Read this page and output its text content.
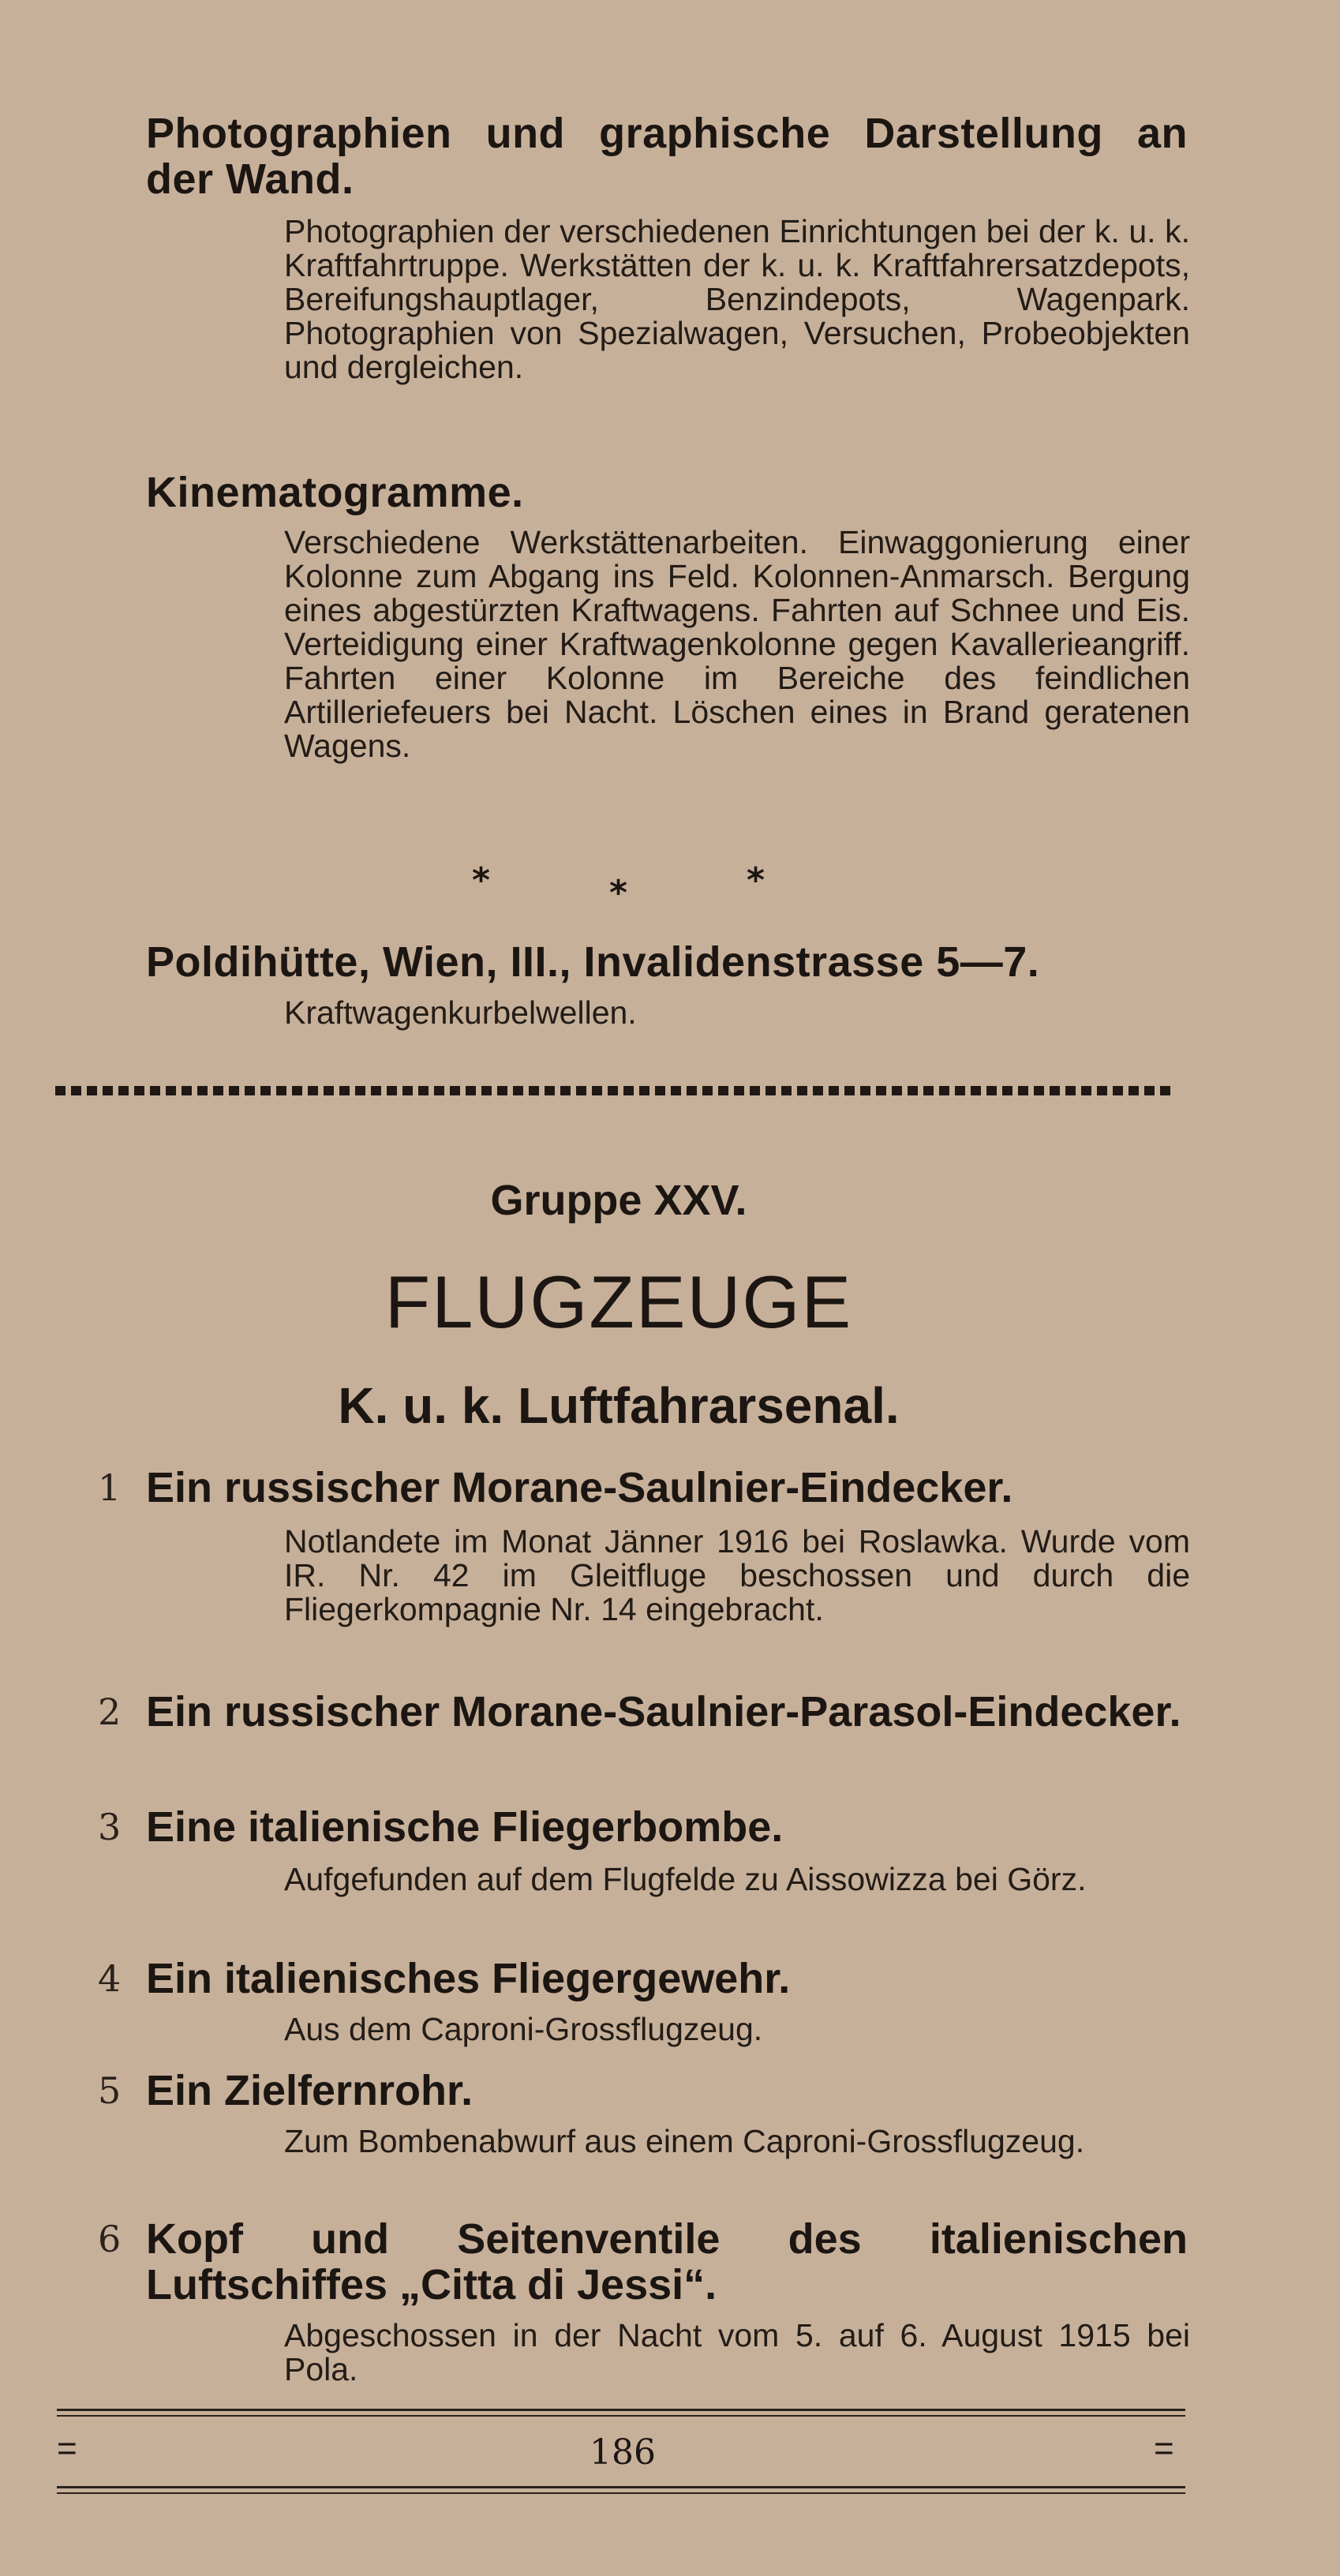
Photographien und graphische Darstellung an
der Wand.
Photographien der verschiedenen Einrichtungen bei der k. u. k. Kraftfahrtruppe. Werkstätten der k. u. k. Kraftfahrersatzdepots, Bereifungshauptlager, Benzindepots, Wagenpark. Photographien von Spezialwagen, Versuchen, Probeobjekten und dergleichen.
Kinematogramme.
Verschiedene Werkstättenarbeiten. Einwaggonierung einer Kolonne zum Abgang ins Feld. Kolonnen-Anmarsch. Bergung eines abgestürzten Kraftwagens. Fahrten auf Schnee und Eis. Verteidigung einer Kraftwagenkolonne gegen Kavallerieangriff. Fahrten einer Kolonne im Bereiche des feindlichen Artilleriefeuers bei Nacht. Löschen eines in Brand geratenen Wagens.
*	*	*
Poldihütte, Wien, III., Invalidenstrasse 5—7.
Kraftwagenkurbelwellen.
Gruppe XXV.
FLUGZEUGE
K. u. k. Luftfahrarsenal.
1 Ein russischer Morane-Saulnier-Eindecker.
Notlandete im Monat Jänner 1916 bei Roslawka. Wurde vom IR. Nr. 42 im Gleitfluge beschossen und durch die Fliegerkompagnie Nr. 14 eingebracht.
2 Ein russischer Morane-Saulnier-Parasol-Eindecker.
3 Eine italienische Fliegerbombe.
Aufgefunden auf dem Flugfelde zu Aissowizza bei Görz.
4 Ein italienisches Fliegergewehr.
Aus dem Caproni-Grossflugzeug.
5 Ein Zielfernrohr.
Zum Bombenabwurf aus einem Caproni-Grossflugzeug.
6 Kopf und Seitenventile des italienischen Luftschiffes „Citta di Jessi“.
Abgeschossen in der Nacht vom 5. auf 6. August 1915 bei Pola.
=	186	=
